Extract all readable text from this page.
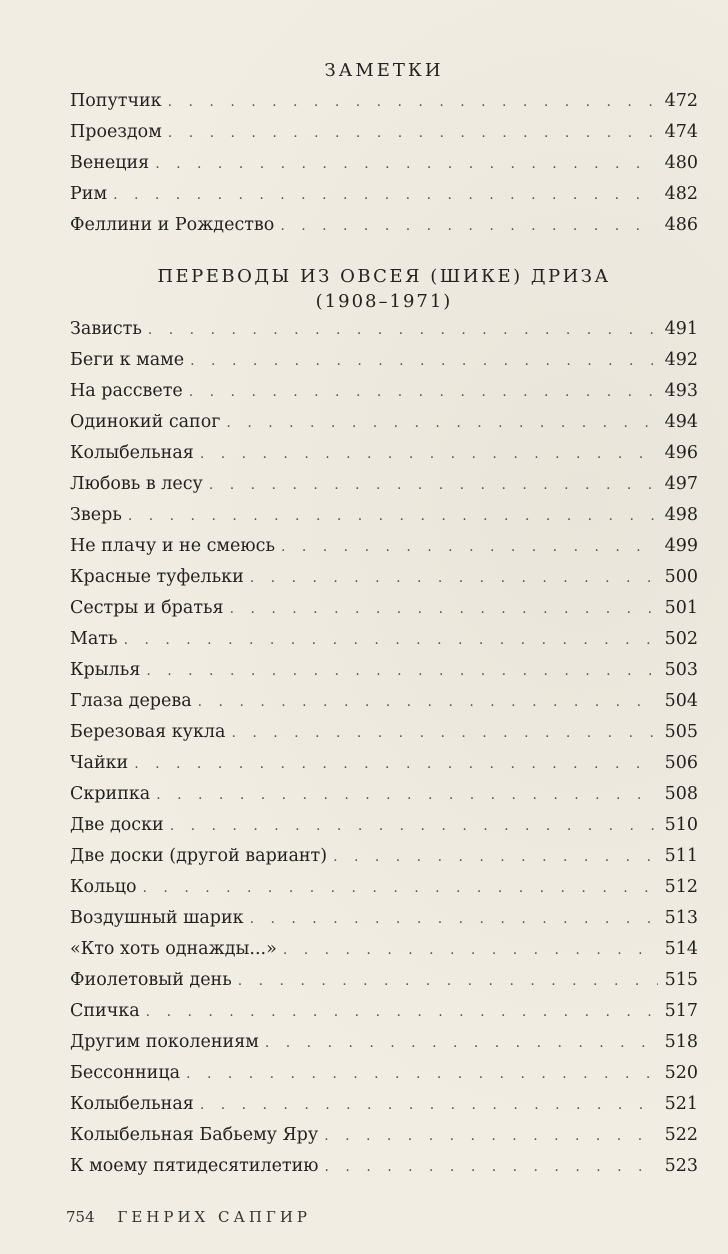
ЗАМЕТКИ
Попутчик . . .	472
Проездом . . .	474
Венеция . . .	480
Рим . . .	482
Феллини и Рождество . . .	486
ПЕРЕВОДЫ ИЗ ОВСЕЯ (ШИКЕ) ДРИЗА
(1908–1971)
Зависть . . .	491
Беги к маме . . .	492
На рассвете . . .	493
Одинокий сапог . . .	494
Колыбельная . . .	496
Любовь в лесу . . .	497
Зверь . . .	498
Не плачу и не смеюсь . . .	499
Красные туфельки . . .	500
Сестры и братья . . .	501
Мать . . .	502
Крылья . . .	503
Глаза дерева . . .	504
Березовая кукла . . .	505
Чайки . . .	506
Скрипка . . .	508
Две доски . . .	510
Две доски (другой вариант) . . .	511
Кольцо . . .	512
Воздушный шарик . . .	513
«Кто хоть однажды...» . . .	514
Фиолетовый день . . .	515
Спичка . . .	517
Другим поколениям . . .	518
Бессонница . . .	520
Колыбельная . . .	521
Колыбельная Бабьему Яру . . .	522
К моему пятидесятилетию . . .	523
754 ГЕНРИХ САПГИР
